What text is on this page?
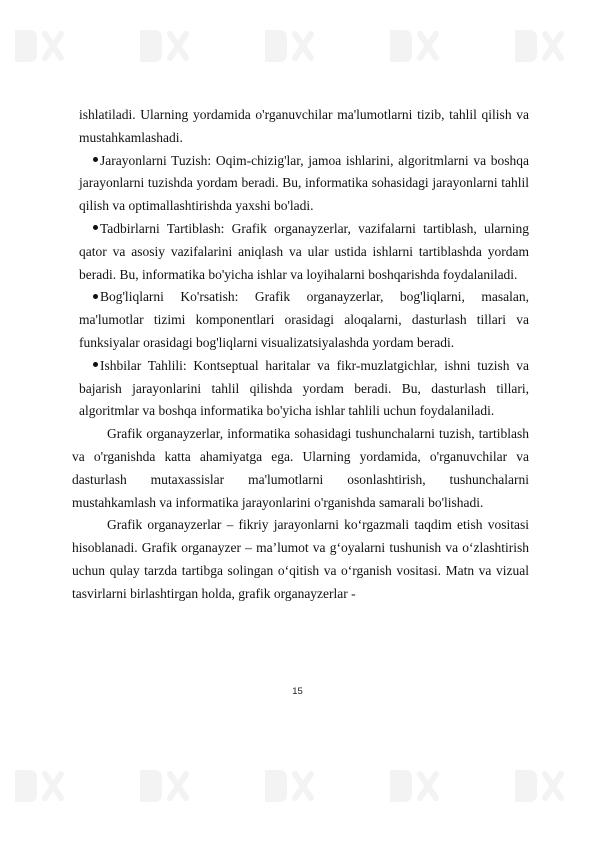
ishlatiladi. Ularning yordamida o'rganuvchilar ma'lumotlarni tizib, tahlil qilish va mustahkamlashadi.

Jarayonlarni Tuzish: Oqim-chizig'lar, jamoa ishlarini, algoritmlarni va boshqa jarayonlarni tuzishda yordam beradi. Bu, informatika sohasidagi jarayonlarni tahlil qilish va optimallashtirishda yaxshi bo'ladi.

Tadbirlarni Tartiblash: Grafik organayzerlar, vazifalarni tartiblash, ularning qator va asosiy vazifalarini aniqlash va ular ustida ishlarni tartiblashda yordam beradi. Bu, informatika bo'yicha ishlar va loyihalarni boshqarishda foydalaniladi.

Bog'liqlarni Ko'rsatish: Grafik organayzerlar, bog'liqlarni, masalan, ma'lumotlar tizimi komponentlari orasidagi aloqalarni, dasturlash tillari va funksiyalar orasidagi bog'liqlarni visualizatsiyalashda yordam beradi.

Ishbilar Tahlili: Kontseptual haritalar va fikr-muzlatgichlar, ishni tuzish va bajarish jarayonlarini tahlil qilishda yordam beradi. Bu, dasturlash tillari, algoritmlar va boshqa informatika bo'yicha ishlar tahlili uchun foydalaniladi.

Grafik organayzerlar, informatika sohasidagi tushunchalarni tuzish, tartiblash va o'rganishda katta ahamiyatga ega. Ularning yordamida, o'rganuvchilar va dasturlash mutaxassislar ma'lumotlarni osonlashtirish, tushunchalarni mustahkamlash va informatika jarayonlarini o'rganishda samarali bo'lishadi.

Grafik organayzerlar – fikriy jarayonlarni ko‘rgazmali taqdim etish vositasi hisoblanadi. Grafik organayzer – ma’lumot va g‘oyalarni tushunish va o‘zlashtirish uchun qulay tarzda tartibga solingan o‘qitish va o‘rganish vositasi. Matn va vizual tasvirlarni birlashtirgan holda, grafik organayzerlar -

15
